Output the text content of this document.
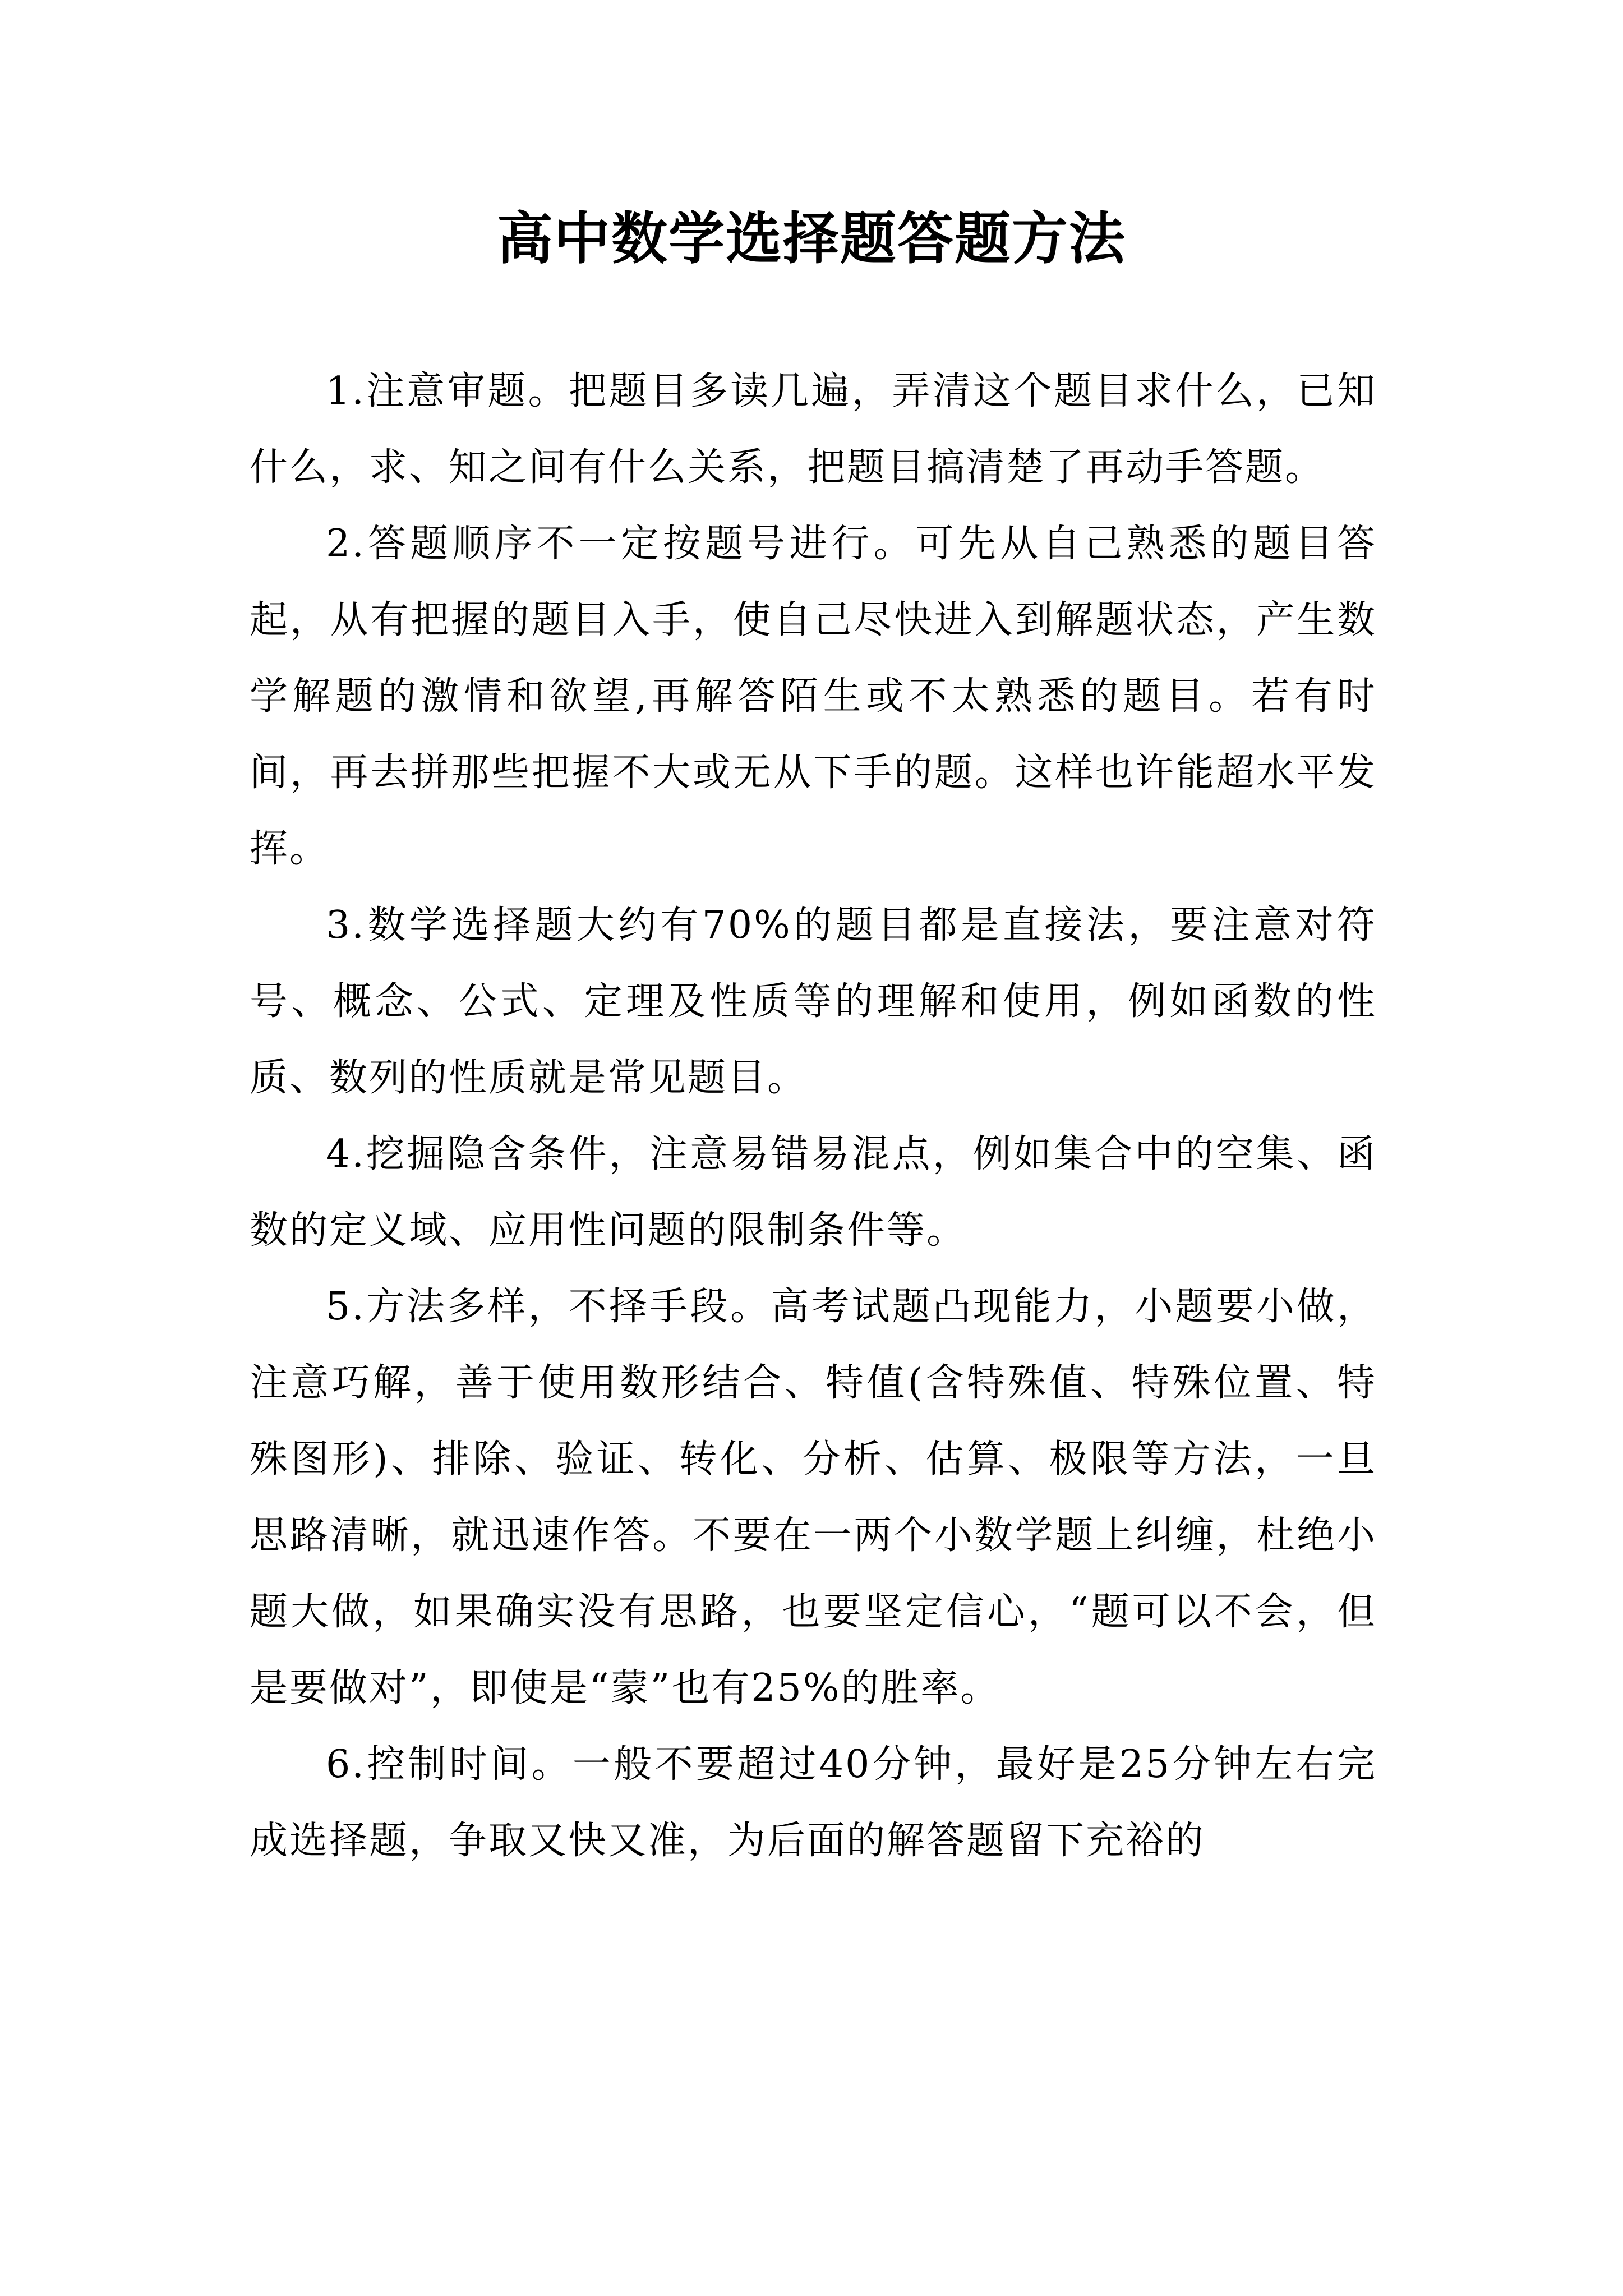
高中数学选择题答题方法

1.注意审题。把题目多读几遍，弄清这个题目求什么，已知什么，求、知之间有什么关系，把题目搞清楚了再动手答题。

2.答题顺序不一定按题号进行。可先从自己熟悉的题目答起，从有把握的题目入手，使自己尽快进入到解题状态，产生数学解题的激情和欲望,再解答陌生或不太熟悉的题目。若有时间，再去拼那些把握不大或无从下手的题。这样也许能超水平发挥。

3.数学选择题大约有70%的题目都是直接法，要注意对符号、概念、公式、定理及性质等的理解和使用，例如函数的性质、数列的性质就是常见题目。

4.挖掘隐含条件，注意易错易混点，例如集合中的空集、函数的定义域、应用性问题的限制条件等。

5.方法多样，不择手段。高考试题凸现能力，小题要小做，注意巧解，善于使用数形结合、特值(含特殊值、特殊位置、特殊图形)、排除、验证、转化、分析、估算、极限等方法，一旦思路清晰，就迅速作答。不要在一两个小数学题上纠缠，杜绝小题大做，如果确实没有思路，也要坚定信心，“题可以不会，但是要做对”，即使是“蒙”也有25%的胜率。

6.控制时间。一般不要超过40分钟，最好是25分钟左右完成选择题，争取又快又准，为后面的解答题留下充裕的
